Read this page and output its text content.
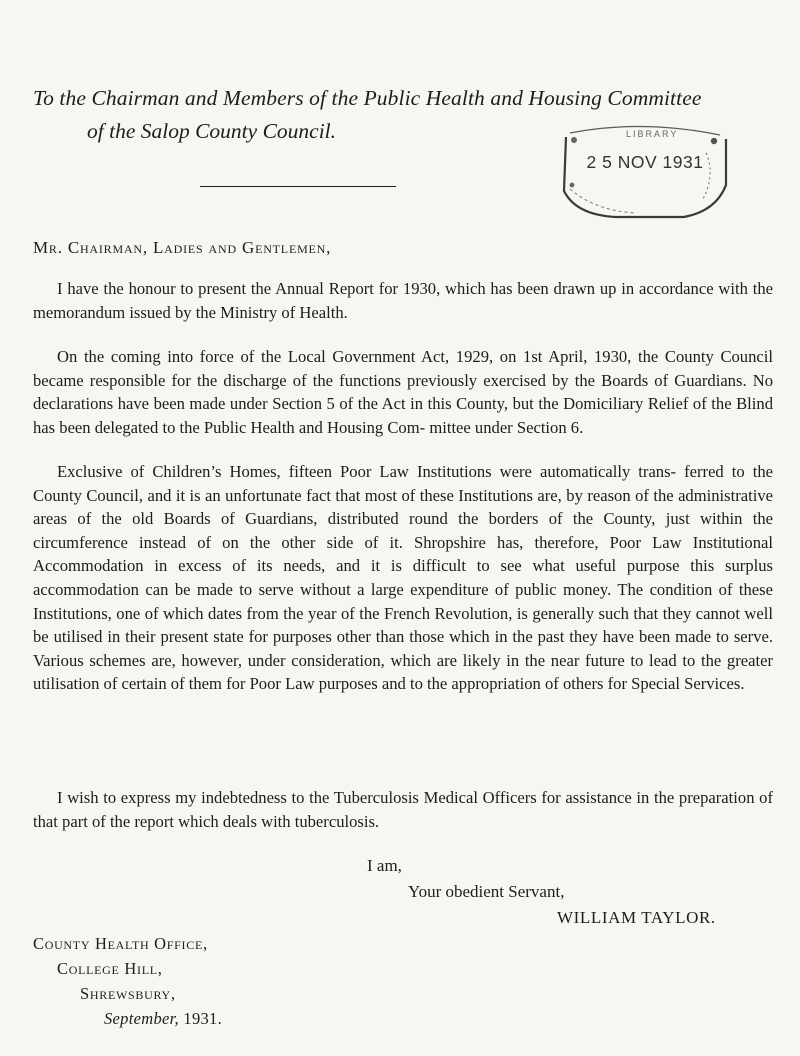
To the Chairman and Members of the Public Health and Housing Committee
of the Salop County Council.	LIBRARY
2 5 NOV 1931
Mr. Chairman, Ladies and Gentlemen,

I have the honour to present the Annual Report for 1930, which has been drawn up in accordance with the memorandum issued by the Ministry of Health.

On the coming into force of the Local Government Act, 1929, on 1st April, 1930, the County Council became responsible for the discharge of the functions previously exercised by the Boards of Guardians. No declarations have been made under Section 5 of the Act in this County, but the Domiciliary Relief of the Blind has been delegated to the Public Health and Housing Com- mittee under Section 6.

Exclusive of Children’s Homes, fifteen Poor Law Institutions were automatically trans- ferred to the County Council, and it is an unfortunate fact that most of these Institutions are, by reason of the administrative areas of the old Boards of Guardians, distributed round the borders of the County, just within the circumference instead of on the other side of it. Shropshire has, therefore, Poor Law Institutional Accommodation in excess of its needs, and it is difficult to see what useful purpose this surplus accommodation can be made to serve without a large expenditure of public money. The condition of these Institutions, one of which dates from the year of the French Revolution, is generally such that they cannot well be utilised in their present state for purposes other than those which in the past they have been made to serve. Various schemes are, however, under consideration, which are likely in the near future to lead to the greater utilisation of certain of them for Poor Law purposes and to the appropriation of others for Special Services.

I wish to express my indebtedness to the Tuberculosis Medical Officers for assistance in the preparation of that part of the report which deals with tuberculosis.

I am,
Your obedient Servant,
WILLIAM TAYLOR.
County Health Office,
College Hill,
Shrewsbury,
September, 1931.
